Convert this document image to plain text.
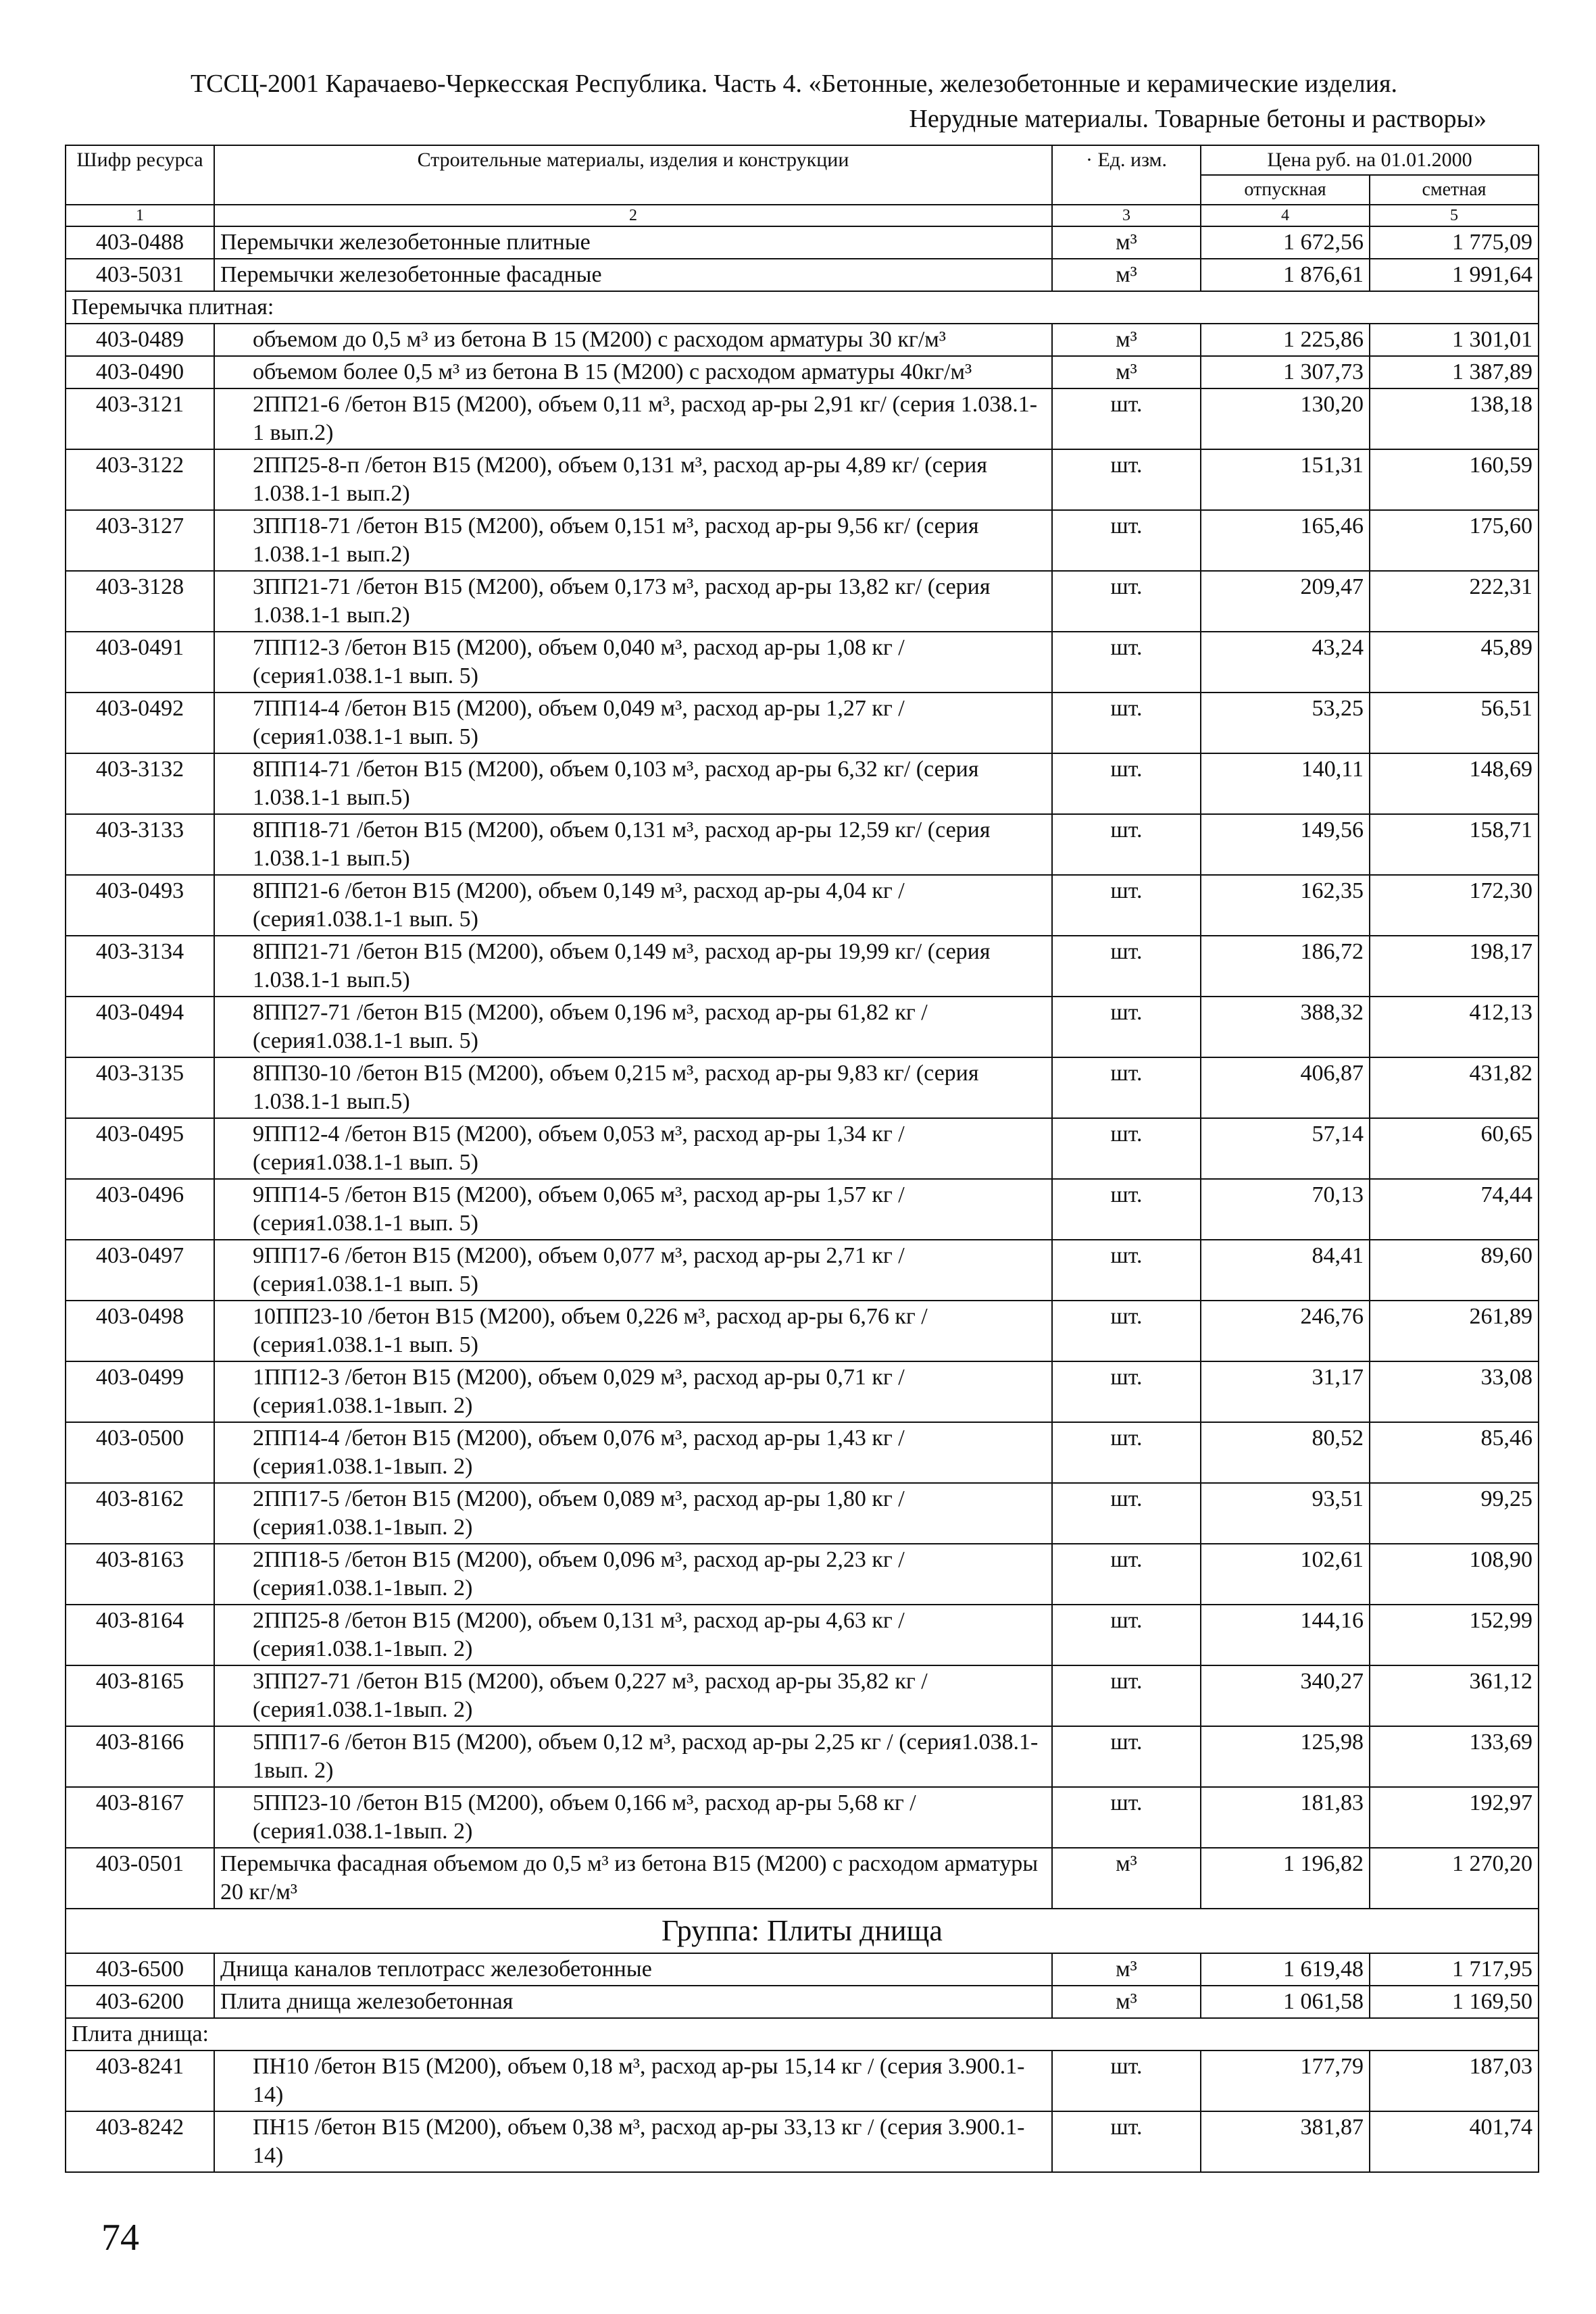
ТССЦ-2001 Карачаево-Черкесская Республика. Часть 4. «Бетонные, железобетонные и керамические изделия.
Нерудные материалы. Товарные бетоны и растворы»
Шифр ресурса	Строительные материалы, изделия и конструкции	· Ед. изм.	Цена руб. на 01.01.2000	
			отпускная	сметная
1	2	3	4	5
403-0488	Перемычки железобетонные плитные	м³	1 672,56	1 775,09
403-5031	Перемычки железобетонные фасадные	м³	1 876,61	1 991,64
Перемычка плитная:				
403-0489	объемом до 0,5 м³ из бетона В 15 (М200) с расходом арматуры 30 кг/м³	м³	1 225,86	1 301,01
403-0490	объемом более 0,5 м³ из бетона В 15 (М200) с расходом арматуры 40кг/м³	м³	1 307,73	1 387,89
403-3121	2ПП21-6 /бетон В15 (М200), объем 0,11 м³, расход ар-ры 2,91 кг/ (серия 1.038.1-1 вып.2)	шт.	130,20	138,18
403-3122	2ПП25-8-п /бетон В15 (М200), объем 0,131 м³, расход ар-ры 4,89 кг/ (серия 1.038.1-1 вып.2)	шт.	151,31	160,59
403-3127	3ПП18-71 /бетон В15 (М200), объем 0,151 м³, расход ар-ры 9,56 кг/ (серия 1.038.1-1 вып.2)	шт.	165,46	175,60
403-3128	3ПП21-71 /бетон В15 (М200), объем 0,173 м³, расход ар-ры 13,82 кг/ (серия 1.038.1-1 вып.2)	шт.	209,47	222,31
403-0491	7ПП12-3 /бетон В15 (М200), объем 0,040 м³, расход ар-ры 1,08 кг / (серия1.038.1-1 вып. 5)	шт.	43,24	45,89
403-0492	7ПП14-4 /бетон В15 (М200), объем 0,049 м³, расход ар-ры 1,27 кг / (серия1.038.1-1 вып. 5)	шт.	53,25	56,51
403-3132	8ПП14-71 /бетон В15 (М200), объем 0,103 м³, расход ар-ры 6,32 кг/ (серия 1.038.1-1 вып.5)	шт.	140,11	148,69
403-3133	8ПП18-71 /бетон В15 (М200), объем 0,131 м³, расход ар-ры 12,59 кг/ (серия 1.038.1-1 вып.5)	шт.	149,56	158,71
403-0493	8ПП21-6 /бетон В15 (М200), объем 0,149 м³, расход ар-ры 4,04 кг / (серия1.038.1-1 вып. 5)	шт.	162,35	172,30
403-3134	8ПП21-71 /бетон В15 (М200), объем 0,149 м³, расход ар-ры 19,99 кг/ (серия 1.038.1-1 вып.5)	шт.	186,72	198,17
403-0494	8ПП27-71 /бетон В15 (М200), объем 0,196 м³, расход ар-ры 61,82 кг / (серия1.038.1-1 вып. 5)	шт.	388,32	412,13
403-3135	8ПП30-10 /бетон В15 (М200), объем 0,215 м³, расход ар-ры 9,83 кг/ (серия 1.038.1-1 вып.5)	шт.	406,87	431,82
403-0495	9ПП12-4 /бетон В15 (М200), объем 0,053 м³, расход ар-ры 1,34 кг / (серия1.038.1-1 вып. 5)	шт.	57,14	60,65
403-0496	9ПП14-5 /бетон В15 (М200), объем 0,065 м³, расход ар-ры 1,57 кг / (серия1.038.1-1 вып. 5)	шт.	70,13	74,44
403-0497	9ПП17-6 /бетон В15 (М200), объем 0,077 м³, расход ар-ры 2,71 кг / (серия1.038.1-1 вып. 5)	шт.	84,41	89,60
403-0498	10ПП23-10 /бетон В15 (М200), объем 0,226 м³, расход ар-ры 6,76 кг / (серия1.038.1-1 вып. 5)	шт.	246,76	261,89
403-0499	1ПП12-3 /бетон В15 (М200), объем 0,029 м³, расход ар-ры 0,71 кг / (серия1.038.1-1вып. 2)	шт.	31,17	33,08
403-0500	2ПП14-4 /бетон В15 (М200), объем 0,076 м³, расход ар-ры 1,43 кг / (серия1.038.1-1вып. 2)	шт.	80,52	85,46
403-8162	2ПП17-5 /бетон В15 (М200), объем 0,089 м³, расход ар-ры 1,80 кг / (серия1.038.1-1вып. 2)	шт.	93,51	99,25
403-8163	2ПП18-5 /бетон В15 (М200), объем 0,096 м³, расход ар-ры 2,23 кг / (серия1.038.1-1вып. 2)	шт.	102,61	108,90
403-8164	2ПП25-8 /бетон В15 (М200), объем 0,131 м³, расход ар-ры 4,63 кг / (серия1.038.1-1вып. 2)	шт.	144,16	152,99
403-8165	3ПП27-71 /бетон В15 (М200), объем 0,227 м³, расход ар-ры 35,82 кг / (серия1.038.1-1вып. 2)	шт.	340,27	361,12
403-8166	5ПП17-6 /бетон В15 (М200), объем 0,12 м³, расход ар-ры 2,25 кг / (серия1.038.1-1вып. 2)	шт.	125,98	133,69
403-8167	5ПП23-10 /бетон В15 (М200), объем 0,166 м³, расход ар-ры 5,68 кг / (серия1.038.1-1вып. 2)	шт.	181,83	192,97
403-0501	Перемычка фасадная объемом до 0,5 м³ из бетона В15 (М200) с расходом арматуры 20 кг/м³	м³	1 196,82	1 270,20
Группа: Плиты днища				
403-6500	Днища каналов теплотрасс железобетонные	м³	1 619,48	1 717,95
403-6200	Плита днища железобетонная	м³	1 061,58	1 169,50
Плита днища:				
403-8241	ПН10 /бетон В15 (М200), объем 0,18 м³, расход ар-ры 15,14 кг / (серия 3.900.1-14)	шт.	177,79	187,03
403-8242	ПН15 /бетон В15 (М200), объем 0,38 м³, расход ар-ры 33,13 кг / (серия 3.900.1-14)	шт.	381,87	401,74
74
